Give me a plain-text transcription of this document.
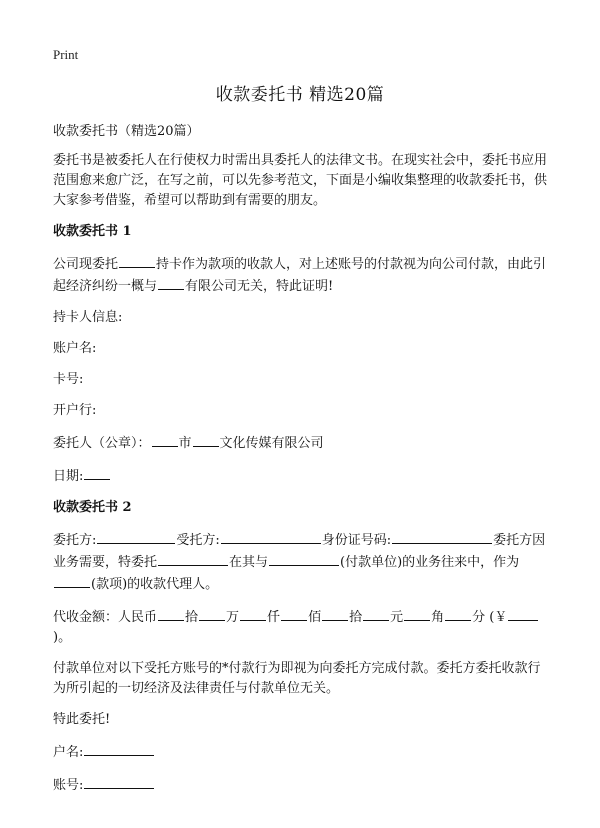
Print
收款委托书 精选20篇

收款委托书（精选20篇）

委托书是被委托人在行使权力时需出具委托人的法律文书。在现实社会中，委托书应用范围愈来愈广泛，在写之前，可以先参考范文，下面是小编收集整理的收款委托书，供大家参考借鉴，希望可以帮助到有需要的朋友。

收款委托书 1

公司现委托	持卡作为款项的收款人，对上述账号的付款视为向公司付款，由此引起经济纠纷一概与 有限公司无关，特此证明!

持卡人信息:

账户名:

卡号:

开户行:

委托人（公章）： 市 文化传媒有限公司

日期:

收款委托书 2

委托方:	受托方:	身份证号码:	委托方因业务需要，特委托	在其与	(付款单位)的业务往来中，作为(款项)的收款代理人。

代收金额：人民币 拾 万 仟 佰 拾 元 角 分 (￥)。

付款单位对以下受托方账号的*付款行为即视为向委托方完成付款。委托方委托收款行为所引起的一切经济及法律责任与付款单位无关。

特此委托!

户名:

账号:
